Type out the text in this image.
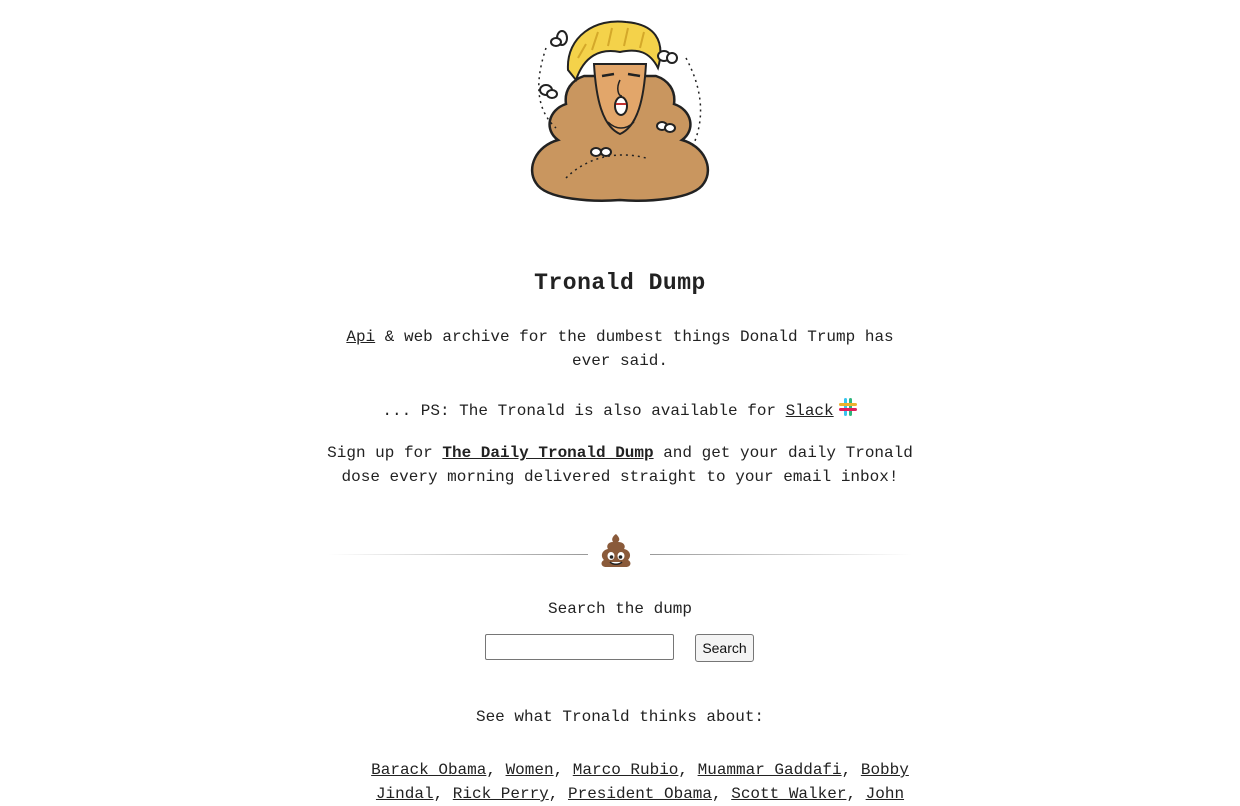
Tronald Dump
Api & web archive for the dumbest things Donald Trump has ever said.
... PS: The Tronald is also available for Slack
Sign up for The Daily Tronald Dump and get your daily Tronald dose every morning delivered straight to your email inbox!
Search the dump
Search
See what Tronald thinks about:
Barack Obama, Women, Marco Rubio, Muammar Gaddafi, Bobby Jindal, Rick Perry, President Obama, Scott Walker, John
